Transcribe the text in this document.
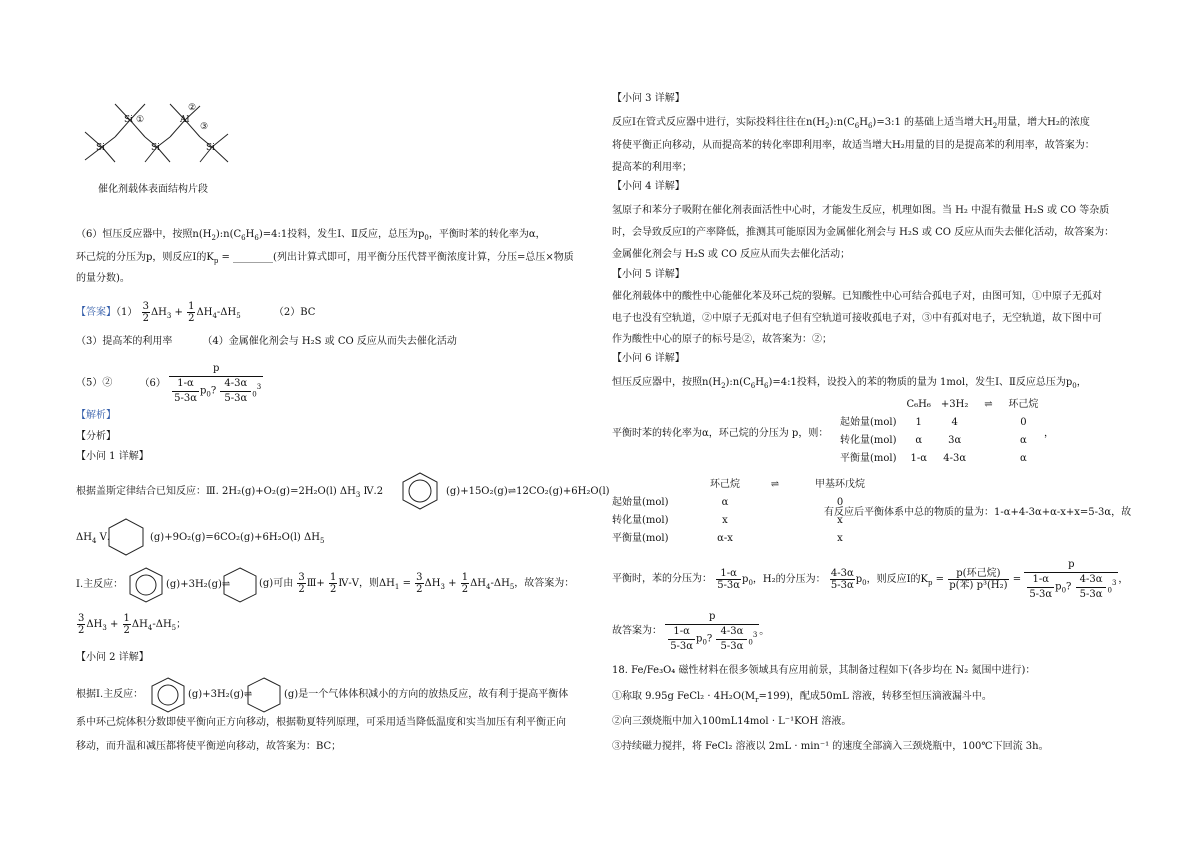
Si ①	Al
②
③
Si	Si	Si
催化剂载体表面结构片段
（6）恒压反应器中，按照$n(H_2):n(C_6H_6)=4:1$投料，发生Ⅰ、Ⅱ反应，总压为$p_0$，平衡时苯的转化率为α，
环己烷的分压为p，则反应Ⅰ的$K_p$ = ________(列出计算式即可，用平衡分压代替平衡浓度计算，分压=总压×物质
的量分数)。
【答案】$(1) \frac{3}{2} \Delta H_3 + \frac{1}{2} \Delta H_4-\Delta H_5$	（2）BC
（3）提高苯的利用率	（4）金属催化剂会与 H₂S 或 CO 反应从而失去催化活动
（5）②	$(6) \frac{p}{\frac{1-\alpha}{5-3\alpha} p_0? \frac{4-3\alpha}{5-3\alpha} _0^3}$
【解析】
【分析】
【小问 1 详解】
根据盖斯定律结合已知反应：Ⅲ. 2H₂(g)+O₂(g)=2H₂O(l) $\Delta H_3$ Ⅳ.2	(g)+15O₂(g)⇌12CO₂(g)+6H₂O(l)
$\Delta H_4$ Ⅴ.	(g)+9O₂(g)=6CO₂(g)+6H₂O(l) $\Delta H_5$
Ⅰ.主反应：	(g)+3H₂(g)⇌	(g)可由 $\frac{3}{2}$ Ⅲ+ $\frac{1}{2}$ Ⅳ-Ⅴ，则$\Delta H_1 = \frac{3}{2} \Delta H_3 + \frac{1}{2} \Delta H_4-\Delta H_5$，故答案为：
$\frac{3}{2} \Delta H_3 + \frac{1}{2} \Delta H_4-\Delta H_5$；
【小问 2 详解】
根据Ⅰ.主反应：	(g)+3H₂(g)⇌	(g)是一个气体体积减小的方向的放热反应，故有利于提高平衡体
系中环己烷体积分数即使平衡向正方向移动，根据勒夏特列原理，可采用适当降低温度和实当加压有利平衡正向
移动，而升温和减压都将使平衡逆向移动，故答案为：BC；
【小问 3 详解】
反应Ⅰ在管式反应器中进行，实际投料往往在$n(H_2):n(C_6H_6)=3:1$ 的基础上适当增大$H_2$用量，增大H₂的浓度
将使平衡正向移动，从而提高苯的转化率即利用率，故适当增大H₂用量的目的是提高苯的利用率，故答案为：
提高苯的利用率；
【小问 4 详解】
氢原子和苯分子吸附在催化剂表面活性中心时，才能发生反应，机理如图。当 H₂ 中混有微量 H₂S 或 CO 等杂质
时，会导致反应Ⅰ的产率降低，推测其可能原因为金属催化剂会与 H₂S 或 CO 反应从而失去催化活动，故答案为：
金属催化剂会与 H₂S 或 CO 反应从而失去催化活动；
【小问 5 详解】
催化剂载体中的酸性中心能催化苯及环己烷的裂解。已知酸性中心可结合孤电子对，由图可知，①中原子无孤对
电子也没有空轨道，②中原子无孤对电子但有空轨道可接收孤电子对，③中有孤对电子，无空轨道，故下图中可
作为酸性中心的原子的标号是②，故答案为：②；
【小问 6 详解】
恒压反应器中，按照$n(H_2):n(C_6H_6)=4:1$投料，设投入的苯的物质的量为 1mol，发生Ⅰ、Ⅱ反应总压为$p_0$，
平衡时苯的转化率为α，环己烷的分压为 p，则：
	C₆H₆	+3H₂	⇌	环己烷
起始量(mol)	1	4		0
转化量(mol)	α	3α		α
平衡量(mol)	1-α	4-3α		α
，
	环己烷	⇌	甲基环戊烷
起始量(mol)	α		0
转化量(mol)	x		x
平衡量(mol)	α-x		x
有反应后平衡体系中总的物质的量为：1-α+4-3α+α-x+x=5-3α，故
平衡时，苯的分压为： $\frac{1-\alpha}{5-3\alpha} p_0$，H₂的分压为： $\frac{4-3\alpha}{5-3\alpha} p_0$，则反应Ⅰ的$K_p = \frac{\text{p(环己烷)}}{\text{p(苯) p³(H₂)}} = \frac{p}{\frac{1-\alpha}{5-3\alpha} p_0? \frac{4-3\alpha}{5-3\alpha} _0^3}$ ，
故答案为： $\frac{p}{\frac{1-\alpha}{5-3\alpha} p_0? \frac{4-3\alpha}{5-3\alpha} _0^3}$ 。
18. Fe/Fe₃O₄ 磁性材料在很多领域具有应用前景，其制备过程如下(各步均在 N₂ 氮围中进行)：
①称取 9.95g FeCl₂ · $4H_2O(M_r=199)$，配成50mL 溶液，转移至恒压滴液漏斗中。
②向三颈烧瓶中加入100mL14mol · L⁻¹KOH 溶液。
③持续磁力搅拌，将 FeCl₂ 溶液以 2mL · min⁻¹ 的速度全部滴入三颈烧瓶中，100℃下回流 3h。
